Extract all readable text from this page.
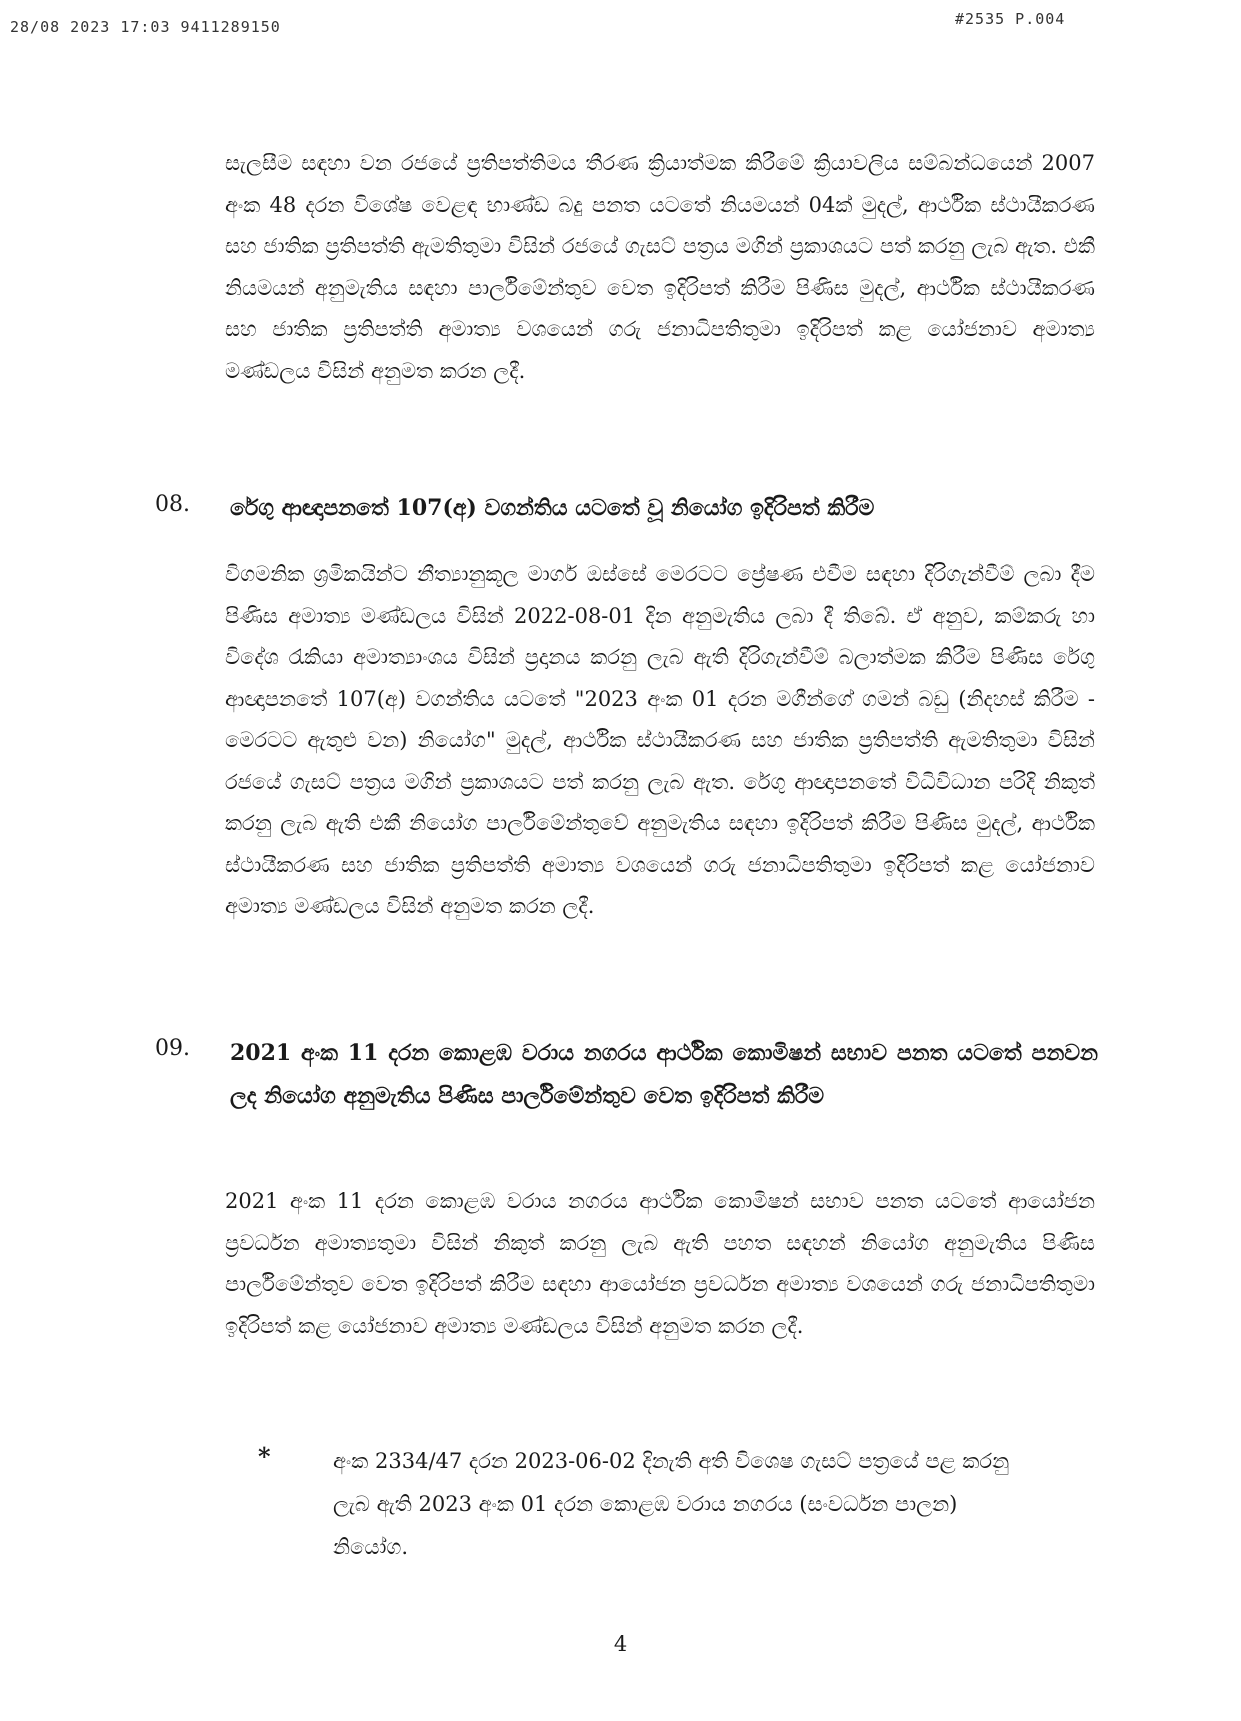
28/08 2023 17:03 9411289150	#2535 P.004
සැලසීම සඳහා වන රජයේ ප්‍රතිපත්තිමය තීරණ ක්‍රියාත්මක කිරීමේ ක්‍රියාවලිය සම්බන්ධයෙන් 2007 අංක 48 දරන විශේෂ වෙළඳ භාණ්ඩ බදු පනත යටතේ නියමයන් 04ක් මුදල්, ආර්ථික ස්ථායීකරණ සහ ජාතික ප්‍රතිපත්ති ඇමතිතුමා විසින් රජයේ ගැසට් පත්‍රය මගින් ප්‍රකාශයට පත් කරනු ලැබ ඇත. එකී නියමයන් අනුමැතිය සඳහා පාර්ලිමේන්තුව වෙත ඉදිරිපත් කිරීම පිණිස මුදල්, ආර්ථික ස්ථායීකරණ සහ ජාතික ප්‍රතිපත්ති අමාත්‍ය වශයෙන් ගරු ජනාධිපතිතුමා ඉදිරිපත් කළ යෝජනාව අමාත්‍ය මණ්ඩලය විසින් අනුමත කරන ලදී.
08. රේගු ආඥාපනතේ 107(අ) වගන්තිය යටතේ වූ නියෝග ඉදිරිපත් කිරීම
විගමනික ශ්‍රමිකයින්ට නීත්‍යානුකූල මාර්ග ඔස්සේ මෙරටට ප්‍රේෂණ එවීම සඳහා දිරිගැන්වීම් ලබා දීම පිණිස අමාත්‍ය මණ්ඩලය විසින් 2022-08-01 දින අනුමැතිය ලබා දී තිබේ. ඒ අනුව, කම්කරු හා විදේශ රැකියා අමාත්‍යාංශය විසින් ප්‍රදානය කරනු ලැබ ඇති දිරිගැන්වීම් බලාත්මක කිරීම පිණිස රේගු ආඥාපනතේ 107(අ) වගන්තිය යටතේ "2023 අංක 01 දරන මගීන්ගේ ගමන් බඩු (නිදහස් කිරීම - මෙරටට ඇතුළු වන) නියෝග" මුදල්, ආර්ථික ස්ථායීකරණ සහ ජාතික ප්‍රතිපත්ති ඇමතිතුමා විසින් රජයේ ගැසට් පත්‍රය මගින් ප්‍රකාශයට පත් කරනු ලැබ ඇත. රේගු ආඥාපනතේ විධිවිධාන පරිදි නිකුත් කරනු ලැබ ඇති එකී නියෝග පාර්ලිමේන්තුවේ අනුමැතිය සඳහා ඉදිරිපත් කිරීම පිණිස මුදල්, ආර්ථික ස්ථායීකරණ සහ ජාතික ප්‍රතිපත්ති අමාත්‍ය වශයෙන් ගරු ජනාධිපතිතුමා ඉදිරිපත් කළ යෝජනාව අමාත්‍ය මණ්ඩලය විසින් අනුමත කරන ලදී.
09. 2021 අංක 11 දරන කොළඹ වරාය නගරය ආර්ථික කොමිෂන් සභාව පනත යටතේ පනවන ලද නියෝග අනුමැතිය පිණිස පාර්ලිමේන්තුව වෙත ඉදිරිපත් කිරීම
2021 අංක 11 දරන කොළඹ වරාය නගරය ආර්ථික කොමිෂන් සභාව පනත යටතේ ආයෝජන ප්‍රවර්ධන අමාත්‍යතුමා විසින් නිකුත් කරනු ලැබ ඇති පහත සඳහන් නියෝග අනුමැතිය පිණිස පාර්ලිමේන්තුව වෙත ඉදිරිපත් කිරීම සඳහා ආයෝජන ප්‍රවර්ධන අමාත්‍ය වශයෙන් ගරු ජනාධිපතිතුමා ඉදිරිපත් කළ යෝජනාව අමාත්‍ය මණ්ඩලය විසින් අනුමත කරන ලදී.
*	අංක 2334/47 දරන 2023-06-02 දිනැති අති විශෙෂ ගැසට් පත්‍රයේ පළ කරනු ලැබ ඇති 2023 අංක 01 දරන කොළඹ වරාය නගරය (සංවර්ධන පාලන) නියෝග.
4
